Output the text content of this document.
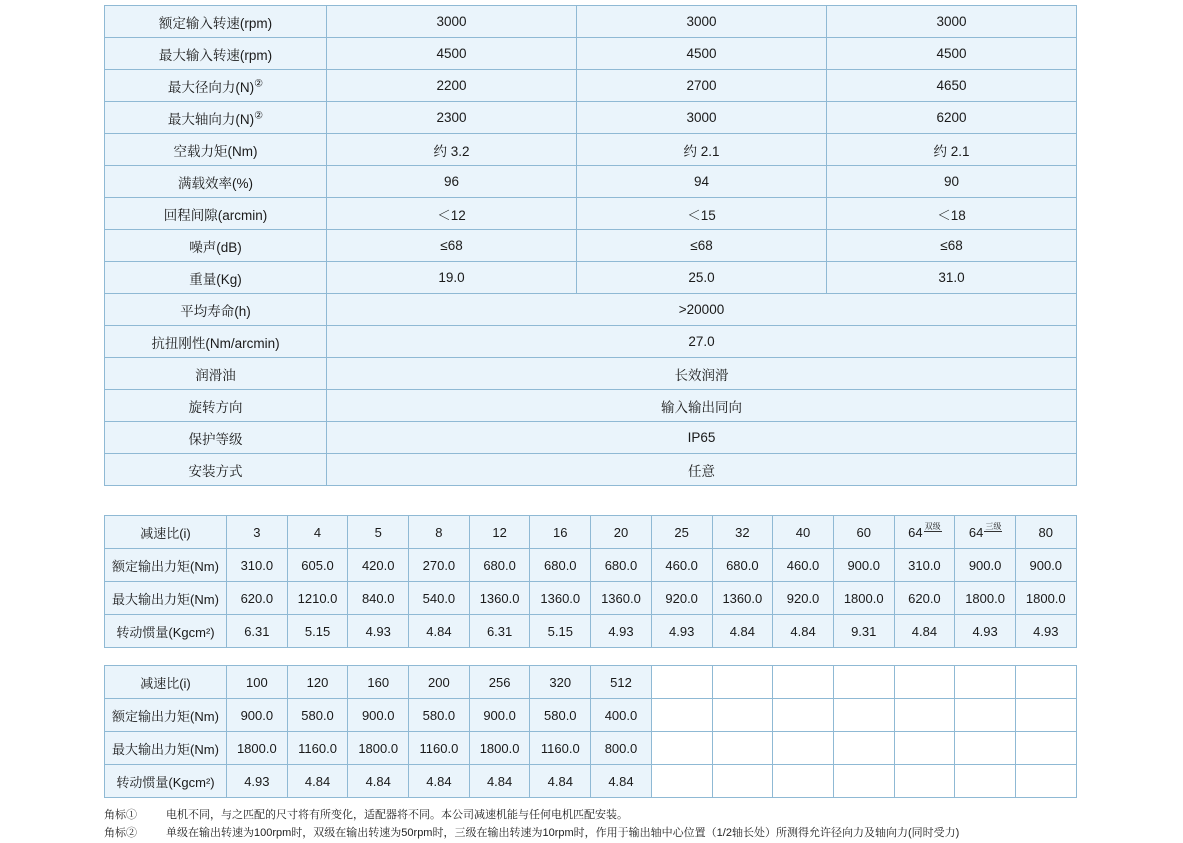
额定输入转速(rpm)	3000	3000	3000
最大输入转速(rpm)	4500	4500	4500
最大径向力(N)②	2200	2700	4650
最大轴向力(N)②	2300	3000	6200
空载力矩(Nm)	约 3.2	约 2.1	约 2.1
满载效率(%)	96	94	90
回程间隙(arcmin)	＜12	＜15	＜18
噪声(dB)	≤68	≤68	≤68
重量(Kg)	19.0	25.0	31.0
平均寿命(h)	>20000		
抗扭刚性(Nm/arcmin)	27.0		
润滑油	长效润滑		
旋转方向	输入输出同向		
保护等级	IP65		
安装方式	任意		
减速比(i)	3	4	5	8	12	16	20	25	32	40	60	64 双级	64 三级	80
额定输出力矩(Nm)	310.0	605.0	420.0	270.0	680.0	680.0	680.0	460.0	680.0	460.0	900.0	310.0	900.0	900.0
最大输出力矩(Nm)	620.0	1210.0	840.0	540.0	1360.0	1360.0	1360.0	920.0	1360.0	920.0	1800.0	620.0	1800.0	1800.0
转动惯量(Kgcm²)	6.31	5.15	4.93	4.84	6.31	5.15	4.93	4.93	4.84	4.84	9.31	4.84	4.93	4.93
减速比(i)	100	120	160	200	256	320	512							
额定输出力矩(Nm)	900.0	580.0	900.0	580.0	900.0	580.0	400.0							
最大输出力矩(Nm)	1800.0	1160.0	1800.0	1160.0	1800.0	1160.0	800.0							
转动惯量(Kgcm²)	4.93	4.84	4.84	4.84	4.84	4.84	4.84							
角标①	电机不同，与之匹配的尺寸将有所变化，适配器将不同。本公司减速机能与任何电机匹配安装。
角标②	单级在输出转速为100rpm时，双级在输出转速为50rpm时，三级在输出转速为10rpm时，作用于输出轴中心位置（1/2轴长处）所测得允许径向力及轴向力(同时受力)
